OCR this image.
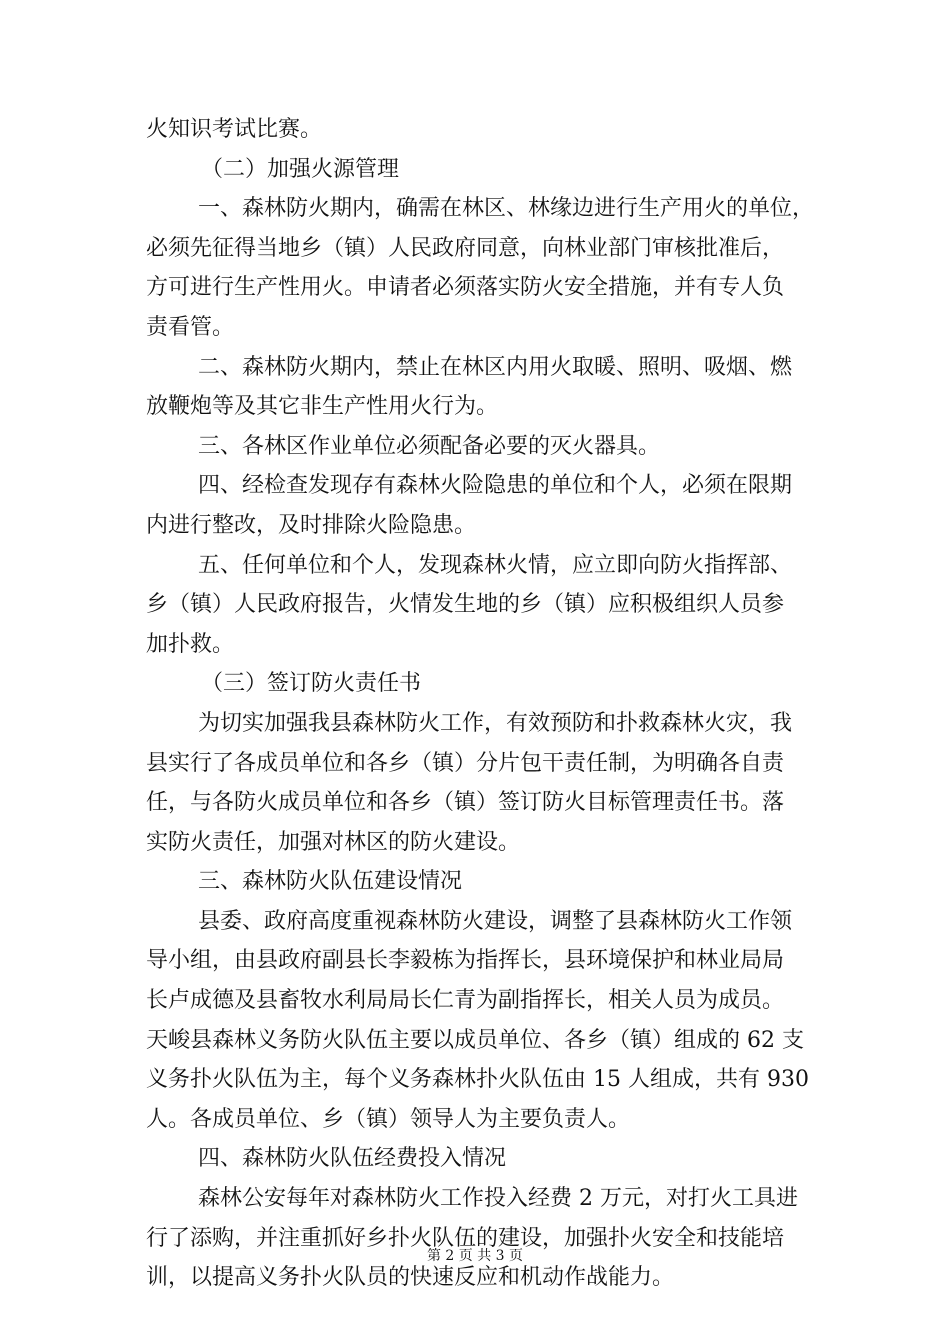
火知识考试比赛。
（二）加强火源管理
一、森林防火期内，确需在林区、林缘边进行生产用火的单位，
必须先征得当地乡（镇）人民政府同意，向林业部门审核批准后，
方可进行生产性用火。申请者必须落实防火安全措施，并有专人负
责看管。
二、森林防火期内，禁止在林区内用火取暖、照明、吸烟、燃
放鞭炮等及其它非生产性用火行为。
三、各林区作业单位必须配备必要的灭火器具。
四、经检查发现存有森林火险隐患的单位和个人，必须在限期
内进行整改，及时排除火险隐患。
五、任何单位和个人，发现森林火情，应立即向防火指挥部、
乡（镇）人民政府报告，火情发生地的乡（镇）应积极组织人员参
加扑救。
（三）签订防火责任书
为切实加强我县森林防火工作，有效预防和扑救森林火灾，我
县实行了各成员单位和各乡（镇）分片包干责任制，为明确各自责
任，与各防火成员单位和各乡（镇）签订防火目标管理责任书。落
实防火责任，加强对林区的防火建设。
三、森林防火队伍建设情况
县委、政府高度重视森林防火建设，调整了县森林防火工作领
导小组，由县政府副县长李毅栋为指挥长，县环境保护和林业局局
长卢成德及县畜牧水利局局长仁青为副指挥长，相关人员为成员。
天峻县森林义务防火队伍主要以成员单位、各乡（镇）组成的 62 支
义务扑火队伍为主，每个义务森林扑火队伍由 15 人组成，共有 930
人。各成员单位、乡（镇）领导人为主要负责人。
四、森林防火队伍经费投入情况
森林公安每年对森林防火工作投入经费 2 万元，对打火工具进
行了添购，并注重抓好乡扑火队伍的建设，加强扑火安全和技能培
训，以提高义务扑火队员的快速反应和机动作战能力。
第 2 页 共 3 页
